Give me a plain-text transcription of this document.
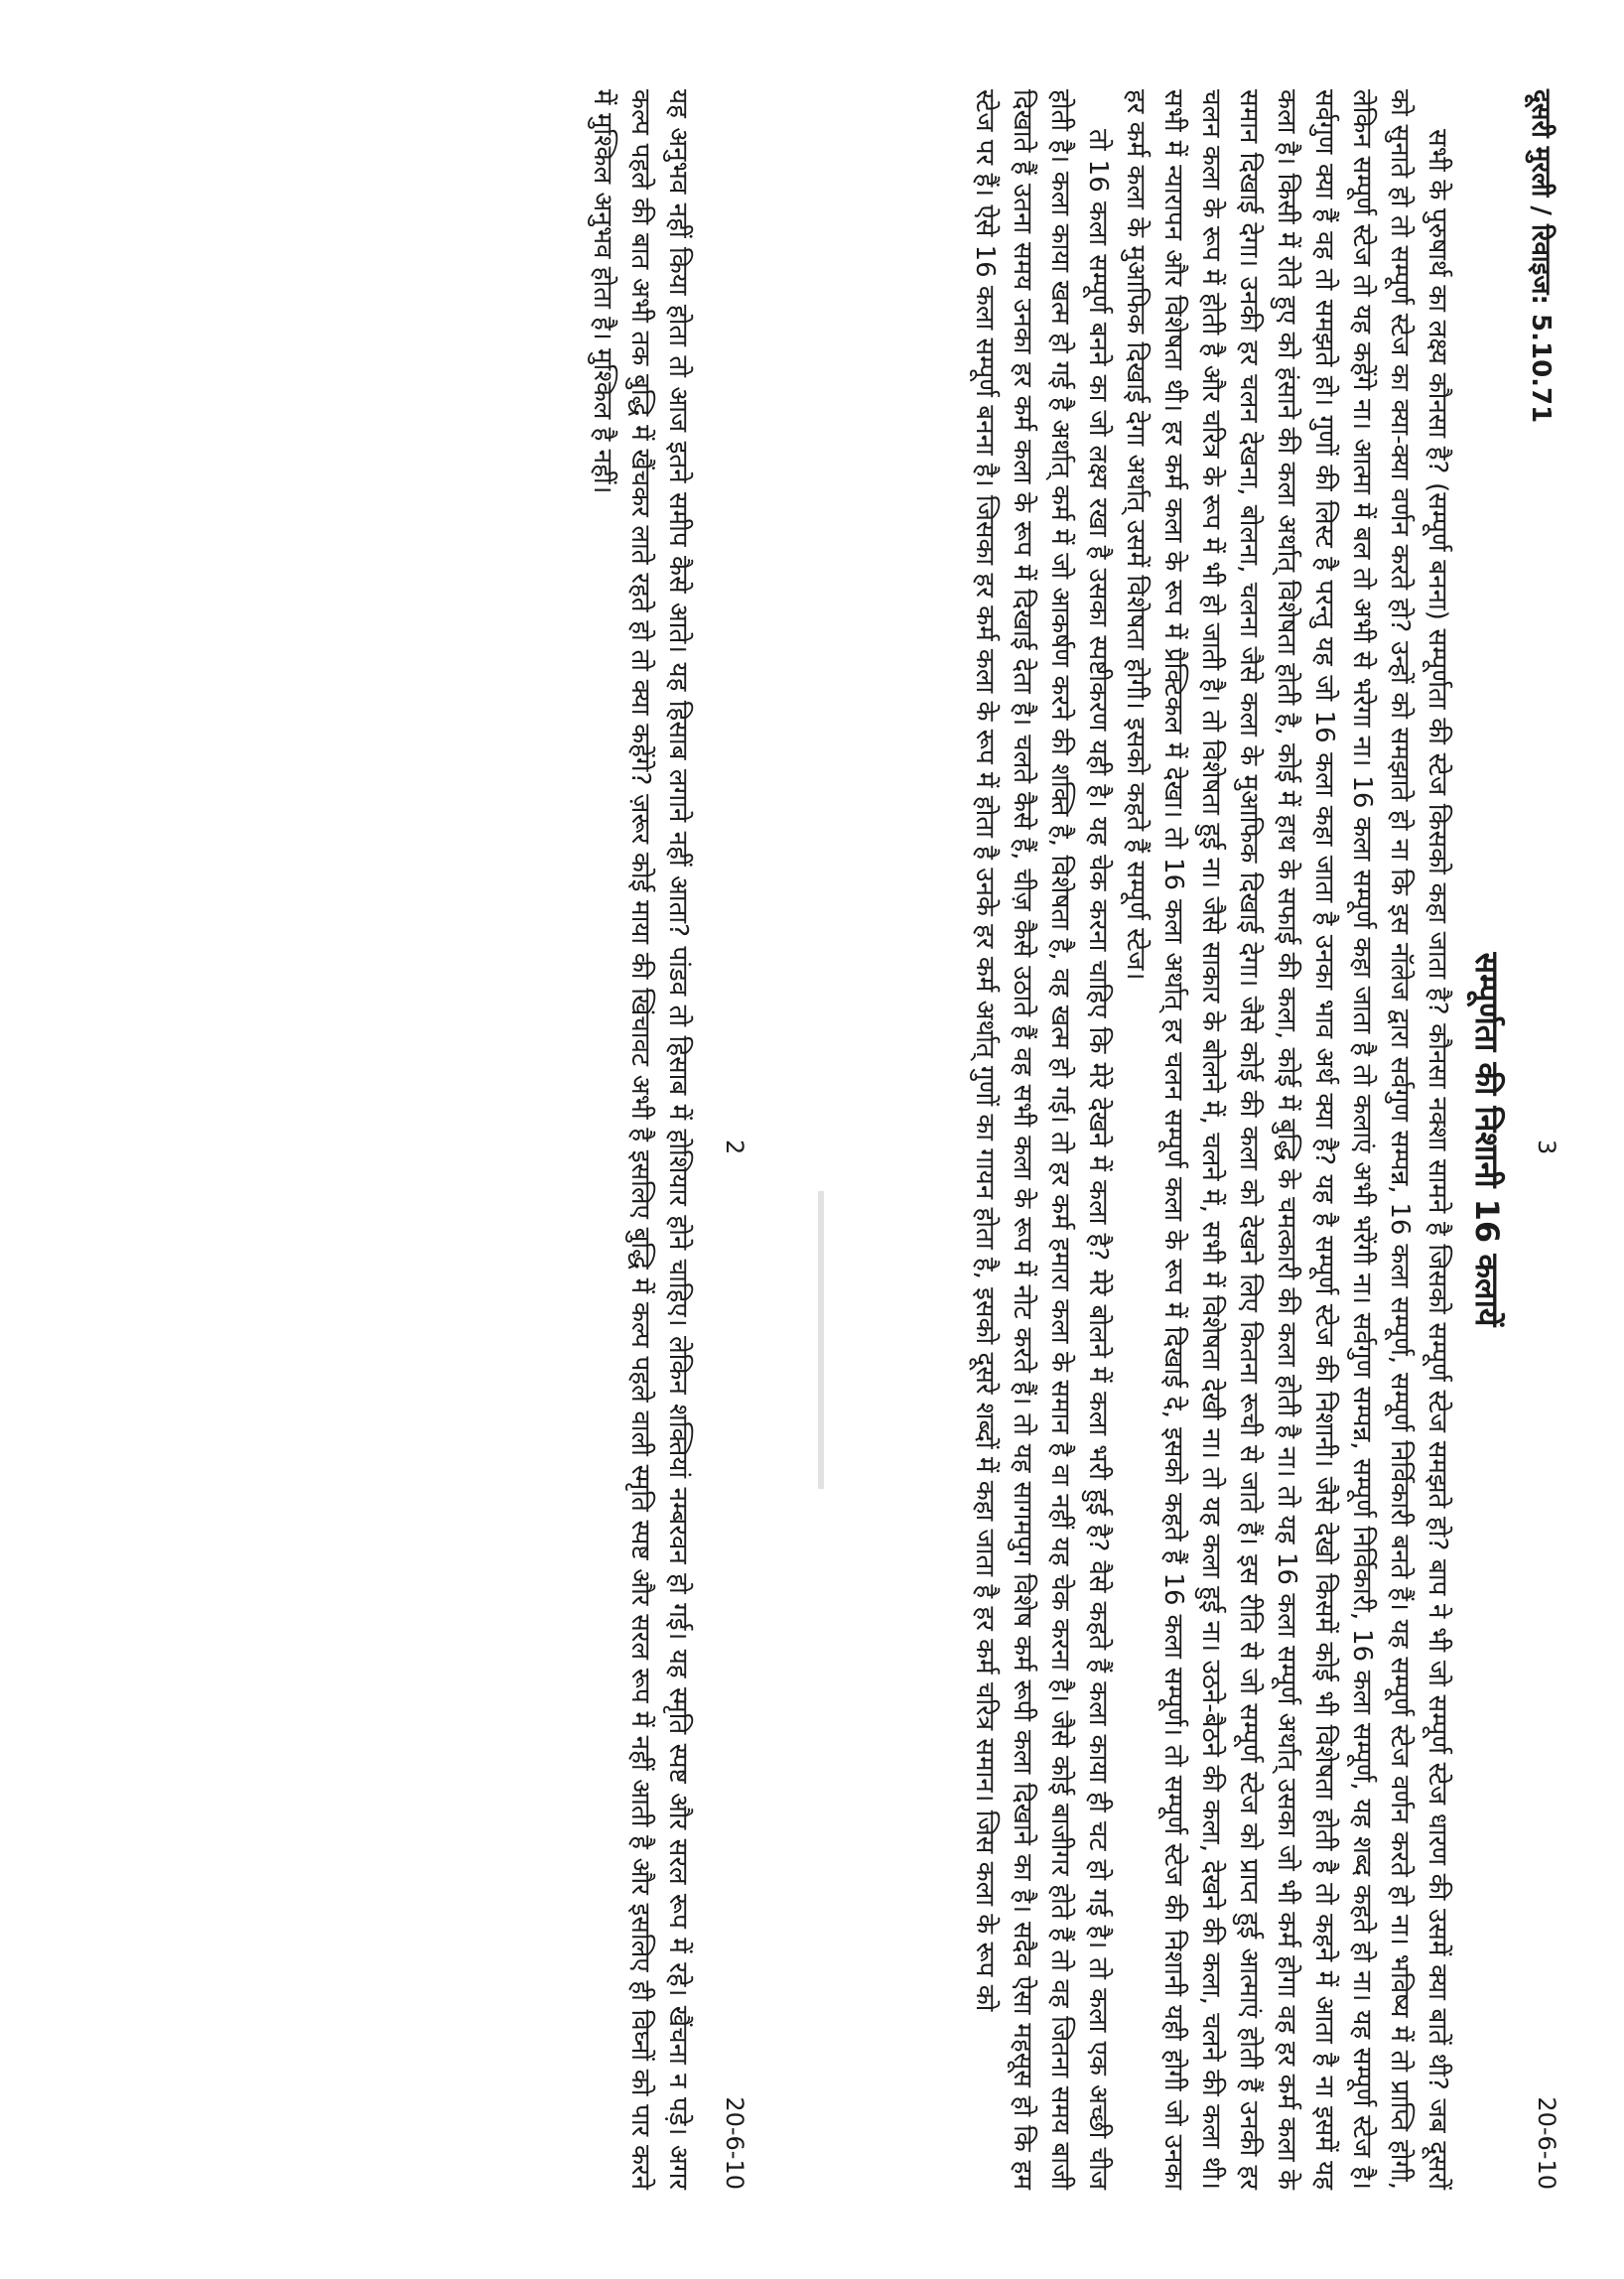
2
20-6-10

यह अनुभव नहीं किया होता तो आज इतने समीप कैसे आते। यह हिसाब लगाने नहीं आता? पांडव तो हिसाब में होशियार होने चाहिए। लेकिन शक्तियां नम्बरवन हो गई। यह स्मृति स्पष्ट और सरल रूप में रहे। खैंचना न पड़े। अगर कल्प पहले की बात अभी तक बुद्धि में खैंचकर लाते रहते हो तो क्या कहेंगे? ज़रूर कोई माया की खिंचावट अभी है इसलिए बुद्धि में कल्प पहले वाली स्मृति स्पष्ट और सरल रूप में नहीं आती है और इसलिए ही विघ्नों को पार करने में मुश्किल अनुभव होता है। मुश्किल है नहीं।	दूसरी मुरली / रिवाइज: 5.10.71
3
20-6-10
सम्पूर्णता की निशानी 16 कलायें

सभी के पुरुषार्थ का लक्ष्य कौनसा है? (सम्पूर्ण बनना) सम्पूर्णता की स्टेज किसको कहा जाता है? कौनसा नक्शा सामने है जिसको सम्पूर्ण स्टेज समझते हो? बाप ने भी जो सम्पूर्ण स्टेज धारण की उसमें क्या बातें थी? जब दूसरों को सुनाते हो तो सम्पूर्ण स्टेज का क्या-क्या वर्णन करते हो? उन्हों को समझाते हो ना कि इस नॉलेज द्वारा सर्वगुण सम्पन्न, 16 कला सम्पूर्ण, सम्पूर्ण निर्विकारी बनते हैं। यह सम्पूर्ण स्टेज वर्णन करते हो ना। भविष्य में तो प्राप्ति होगी, लेकिन सम्पूर्ण स्टेज तो यह कहेंगे ना। आत्मा में बल तो अभी से भरेगा ना। 16 कला सम्पूर्ण कहा जाता है तो कलाएं अभी भरेंगी ना। सर्वगुण सम्पन्न, सम्पूर्ण निर्विकारी, 16 कला सम्पूर्ण, यह शब्द कहते हो ना। यह सम्पूर्ण स्टेज है। सर्वगुण क्या हैं वह तो समझते हो। गुणों की लिस्ट है परन्तु यह जो 16 कला कहा जाता है उनका भाव अर्थ क्या है? यह है सम्पूर्ण स्टेज की निशानी। जैसे देखो किसमें कोई भी विशेषता होती है तो कहने में आता है ना इसमें यह कला है। किसी में रोते हुए को हंसाने की कला अर्थात् विशेषता होती है, कोई में हाथ के सफाई की कला, कोई में बुद्धि के चमत्कारी की कला होती है ना। तो यह 16 कला सम्पूर्ण अर्थात् उसका जो भी कर्म होगा वह हर कर्म कला के समान दिखाई देगा। उनकी हर चलन देखना, बोलना, चलना जैसे कला के मुआफिक दिखाई देगा। जैसे कोई की कला को देखने लिए कितना रूची से जाते हैं। इस रीति से जो सम्पूर्ण स्टेज को प्राप्त हुई आत्माएं होती हैं उनकी हर चलन कला के रूप में होती है और चरित्र के रूप में भी हो जाती है। तो विशेषता हुई ना। जैसे साकार के बोलने में, चलने में, सभी में विशेषता देखी ना। तो यह कला हुई ना। उठने-बैठने की कला, देखने की कला, चलने की कला थी। सभी में न्यारापन और विशेषता थी। हर कर्म कला के रूप में प्रैक्टिकल में देखा। तो 16 कला अर्थात् हर चलन सम्पूर्ण कला के रूप में दिखाई दे, इसको कहते हैं 16 कला सम्पूर्ण। तो सम्पूर्ण स्टेज की निशानी यही होगी जो उनका हर कर्म कला के मुआफिक दिखाई देगा अर्थात् उसमें विशेषता होगी। इसको कहते हैं सम्पूर्ण स्टेज।

तो 16 कला सम्पूर्ण बनने का जो लक्ष्य रखा है उसका स्पष्टीकरण यही है। यह चेक करना चाहिए कि मेरे देखने में कला है? मेरे बोलने में कला भरी हुई है? वैसे कहते हैं कला काया ही चट हो गई है। तो कला एक अच्छी चीज होती है। कला काया खत्म हो गई है अर्थात् कर्म में जो आकर्षण करने की शक्ति है, विशेषता है, वह खत्म हो गई। तो हर कर्म हमारा कला के समान है वा नहीं यह चेक करना है। जैसे कोई बाजीगर होते हैं तो वह जितना समय बाजी दिखाते हैं उतना समय उनका हर कर्म कला के रूप में दिखाई देता है। चलते कैसे हैं, चीज़ कैसे उठाते हैं वह सभी कला के रूप में नोट करते हैं। तो यह सागमपुग विशेष कर्म रूपी कला दिखाने का है। सदैव ऐसा महसूस हो कि हम स्टेज पर हैं। ऐसे 16 कला सम्पूर्ण बनना है। जिसका हर कर्म कला के रूप में होता है उनके हर कर्म अर्थात् गुणों का गायन होता है, इसको दूसरे शब्दों में कहा जाता है हर कर्म चरित्र समान। जिस कला के रूप को
